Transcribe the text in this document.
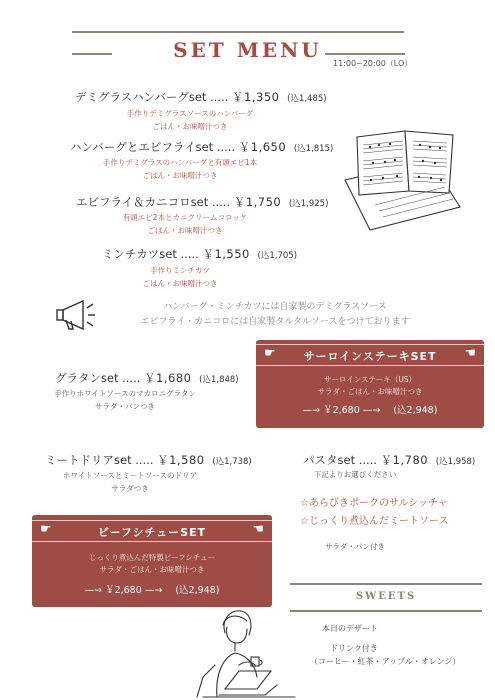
SET MENU
11:00~20:00（LO）
デミグラスハンバーグset ..... ￥1,350 (込1,485)
手作りデミグラスソースのハンバーグ
ごはん・お味噌汁つき
ハンバーグとエビフライset ..... ￥1,650 (込1,815)
手作りデミグラスのハンバーグと有頭エビ1本
ごはん・お味噌汁つき
エビフライ＆カニコロset ..... ￥1,750 (込1,925)
有頭エビ2本とカニクリームコロッケ
ごはん・お味噌汁つき
ミンチカツset ..... ￥1,550 (込1,705)
手作りミンチカツ
ごはん・お味噌汁つき
ハンバーグ・ミンチカツには自家製のデミグラスソース
エビフライ・カニコロには自家製タルタルソースをつけております
☛	サーロインステーキSET	☚
サーロインステーキ（US）
サラダ・ごはん・お味噌汁つき
—→ ￥2,680 —→ (込2,948)
グラタンset ..... ￥1,680 (込1,848)
手作りホワイトソースのマカロニグラタン
サラダ・パンつき
ミートドリアset ..... ￥1,580 (込1,738)
ホワイトソースとミートソースのドリア
サラダつき
パスタset ..... ￥1,780 (込1,958)
下記よりお選びください
☆あらびきポークのサルシッチャ
☆じっくり煮込んだミートソース
サラダ・パン付き
☛	ビーフシチューSET	☚
じっくり煮込んだ特製ビーフシチュー
サラダ・ごはん・お味噌汁つき
—→ ￥2,680 —→ (込2,948)
SWEETS
本日のデザート
ドリンク付き
（コーヒー・紅茶・アップル・オレンジ）
